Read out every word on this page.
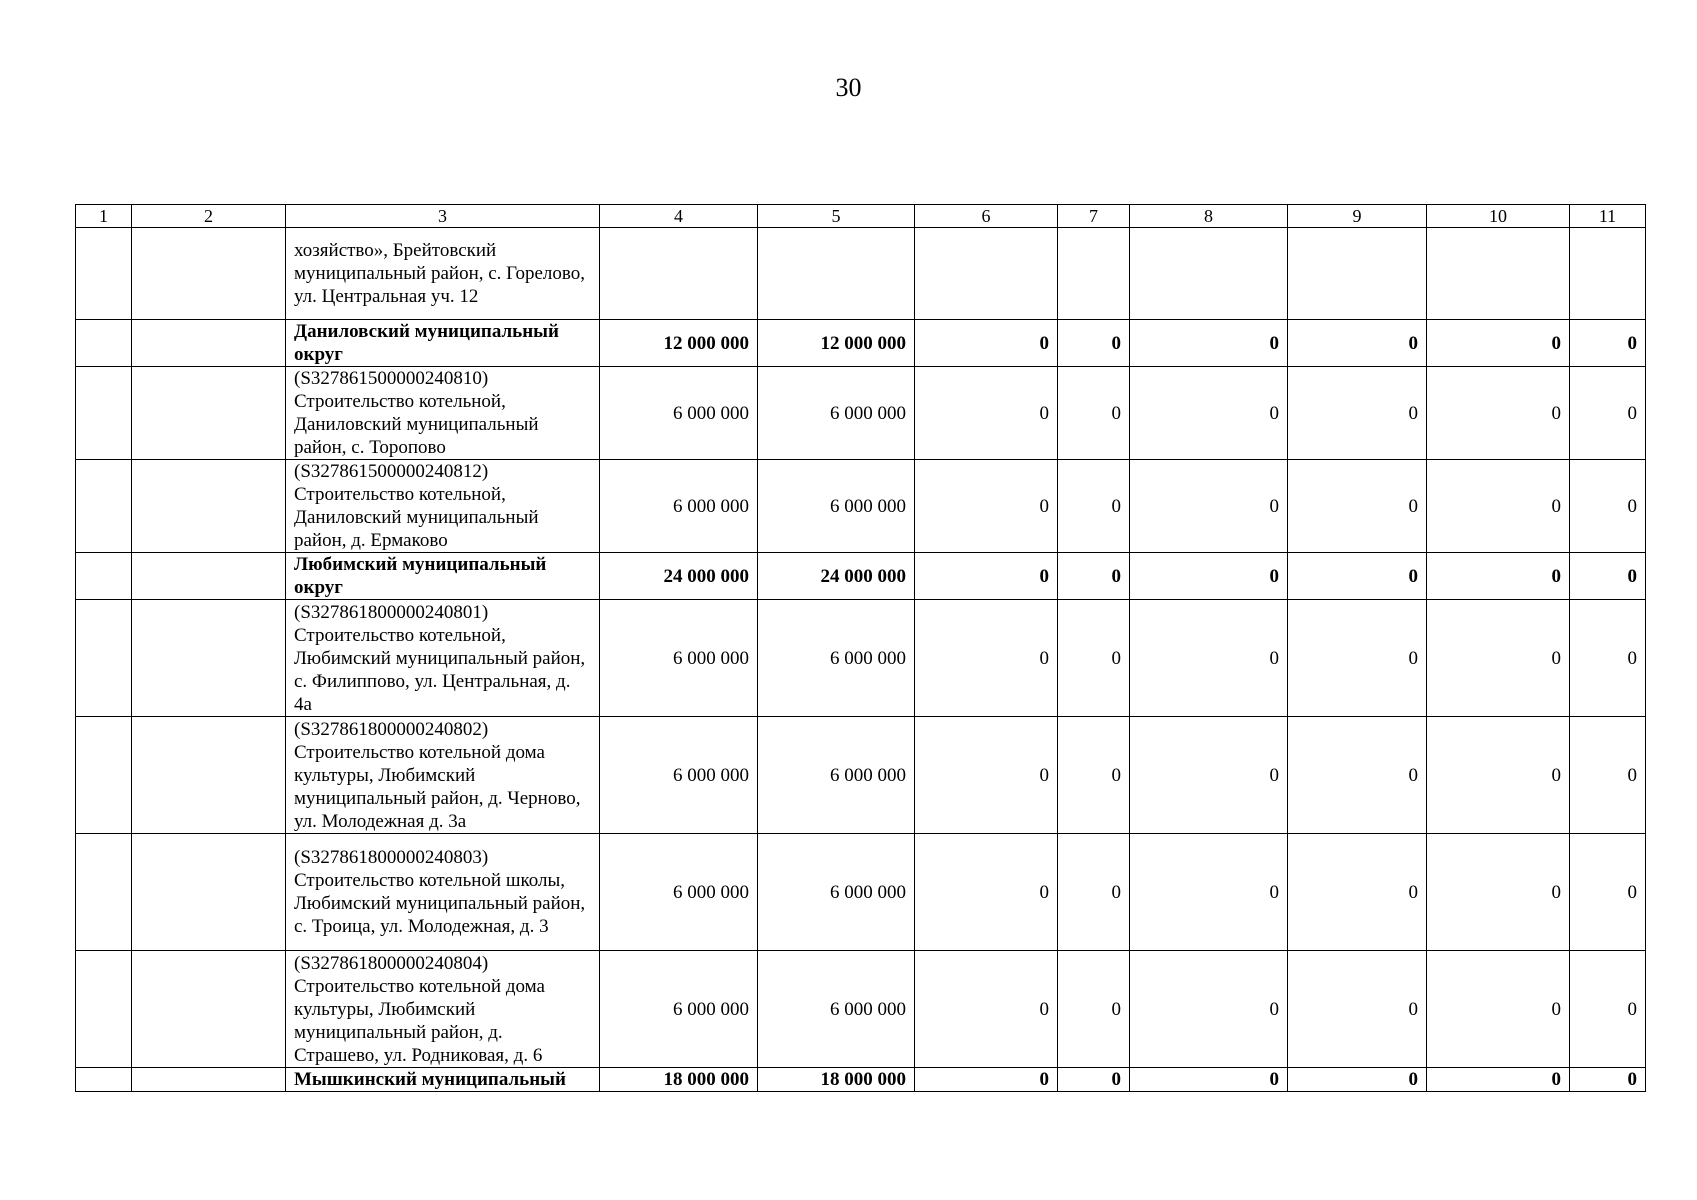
30
1	2	3	4	5	6	7	8	9	10	11
		хозяйство», Брейтовский муниципальный район, с. Горелово, ул. Центральная уч. 12								
		Даниловский муниципальный округ	12 000 000	12 000 000	0	0	0	0	0	0
		(S327861500000240810) Строительство котельной, Даниловский муниципальный район, с. Торопово	6 000 000	6 000 000	0	0	0	0	0	0
		(S327861500000240812) Строительство котельной, Даниловский муниципальный район, д. Ермаково	6 000 000	6 000 000	0	0	0	0	0	0
		Любимский муниципальный округ	24 000 000	24 000 000	0	0	0	0	0	0
		(S327861800000240801) Строительство котельной, Любимский муниципальный район, с. Филиппово, ул. Центральная, д. 4а	6 000 000	6 000 000	0	0	0	0	0	0
		(S327861800000240802) Строительство котельной дома культуры, Любимский муниципальный район, д. Черново, ул. Молодежная д. 3а	6 000 000	6 000 000	0	0	0	0	0	0
		(S327861800000240803) Строительство котельной школы, Любимский муниципальный район, с. Троица, ул. Молодежная, д. 3	6 000 000	6 000 000	0	0	0	0	0	0
		(S327861800000240804) Строительство котельной дома культуры, Любимский муниципальный район, д. Страшево, ул. Родниковая, д. 6	6 000 000	6 000 000	0	0	0	0	0	0
		Мышкинский муниципальный	18 000 000	18 000 000	0	0	0	0	0	0
